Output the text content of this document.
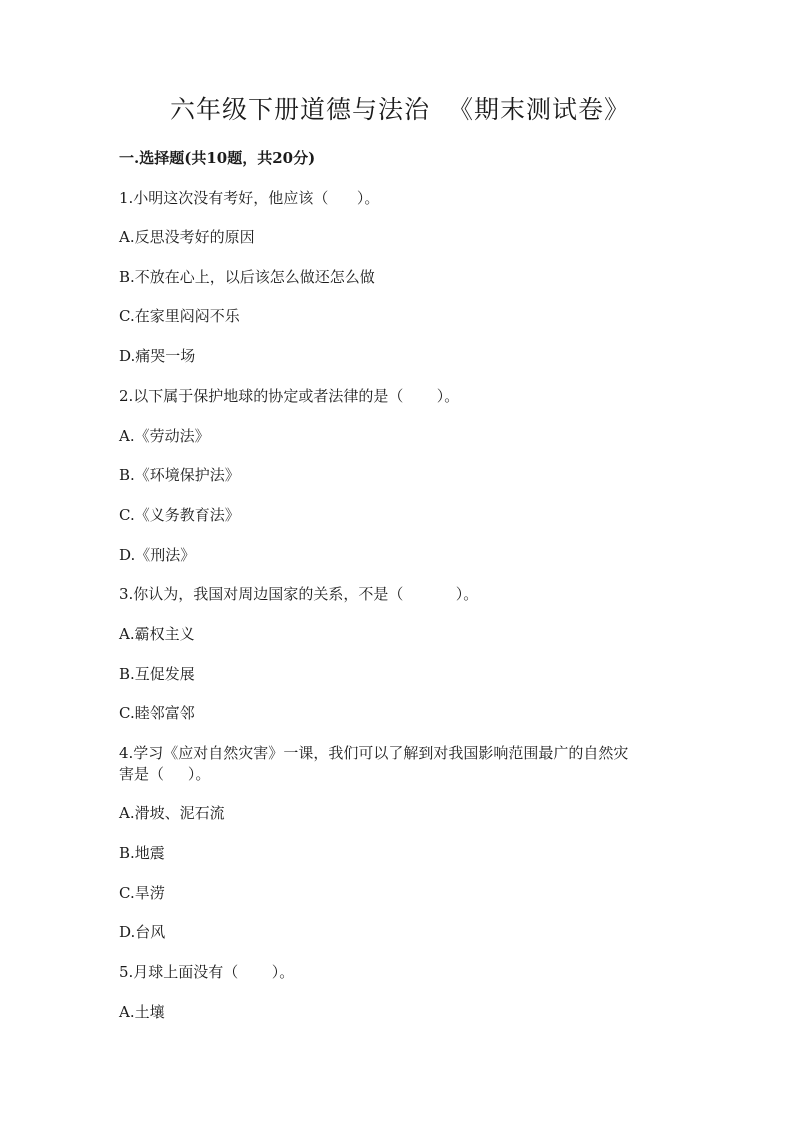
六年级下册道德与法治  《期末测试卷》
一.选择题(共10题，共20分)
1.小明这次没有考好，他应该（      ）。
A.反思没考好的原因
B.不放在心上，以后该怎么做还怎么做
C.在家里闷闷不乐
D.痛哭一场
2.以下属于保护地球的协定或者法律的是（       ）。
A.《劳动法》
B.《环境保护法》
C.《义务教育法》
D.《刑法》
3.你认为，我国对周边国家的关系，不是（           ）。
A.霸权主义
B.互促发展
C.睦邻富邻
4.学习《应对自然灾害》一课，我们可以了解到对我国影响范围最广的自然灾
害是（     ）。
A.滑坡、泥石流
B.地震
C.旱涝
D.台风
5.月球上面没有（       ）。
A.土壤
